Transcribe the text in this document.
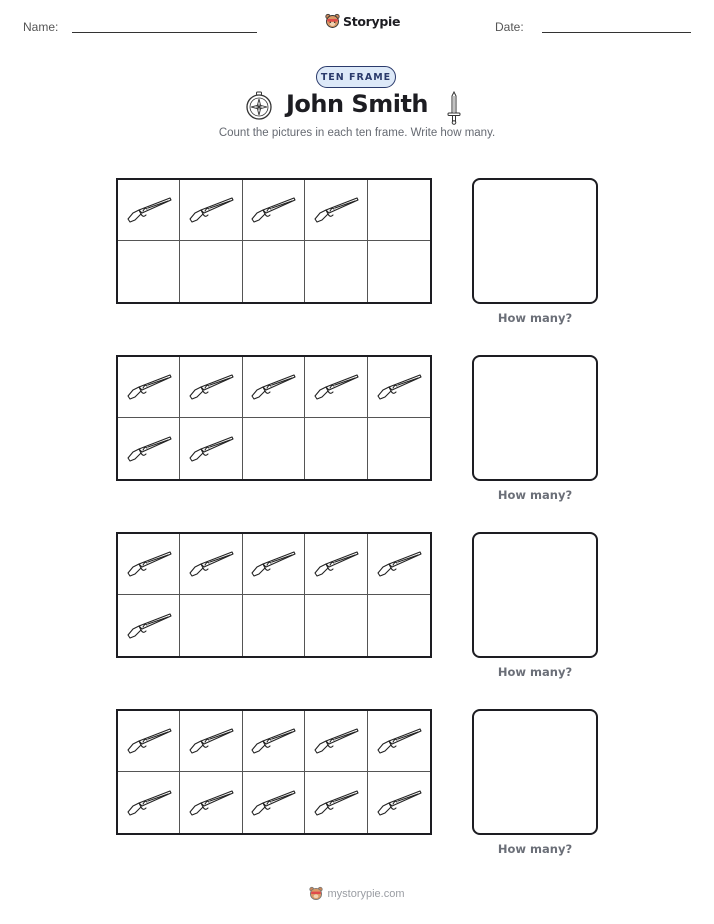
Name:	Storypie	Date:
TEN FRAME
John Smith
Count the pictures in each ten frame. Write how many.
How many?
How many?
How many?
How many?
mystorypie.com
